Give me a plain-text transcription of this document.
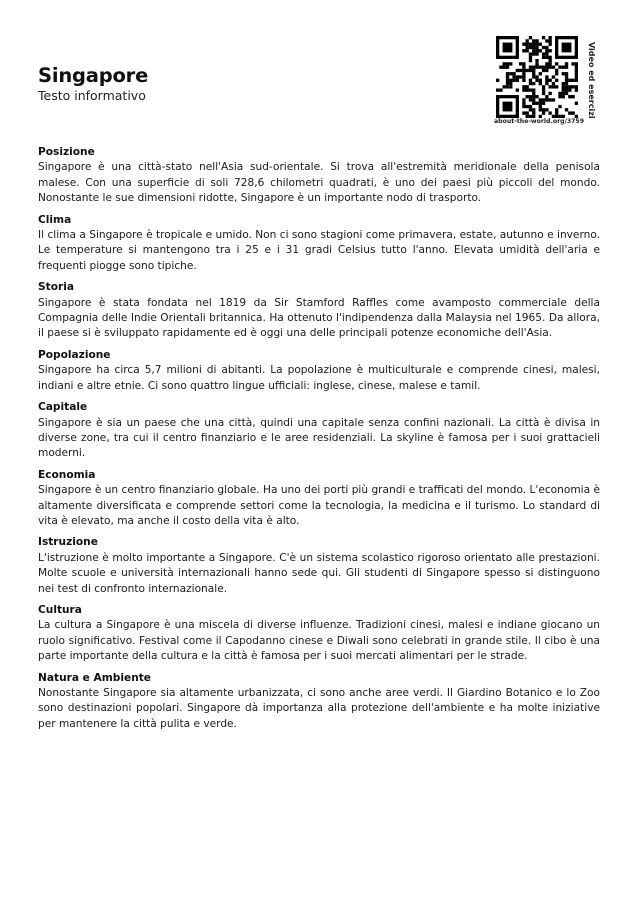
Singapore
Testo informativo
about-the-world.org/3759
Video ed esercizi
Posizione

Singapore è una città-stato nell'Asia sud-orientale. Si trova all'estremità meridionale della penisola malese. Con una superficie di soli 728,6 chilometri quadrati, è uno dei paesi più piccoli del mondo. Nonostante le sue dimensioni ridotte, Singapore è un importante nodo di trasporto.

Clima

Il clima a Singapore è tropicale e umido. Non ci sono stagioni come primavera, estate, autunno e inverno. Le temperature si mantengono tra i 25 e i 31 gradi Celsius tutto l'anno. Elevata umidità dell'aria e frequenti piogge sono tipiche.

Storia

Singapore è stata fondata nel 1819 da Sir Stamford Raffles come avamposto commerciale della Compagnia delle Indie Orientali britannica. Ha ottenuto l'indipendenza dalla Malaysia nel 1965. Da allora, il paese si è sviluppato rapidamente ed è oggi una delle principali potenze economiche dell'Asia.

Popolazione

Singapore ha circa 5,7 milioni di abitanti. La popolazione è multiculturale e comprende cinesi, malesi, indiani e altre etnie. Ci sono quattro lingue ufficiali: inglese, cinese, malese e tamil.

Capitale

Singapore è sia un paese che una città, quindi una capitale senza confini nazionali. La città è divisa in diverse zone, tra cui il centro finanziario e le aree residenziali. La skyline è famosa per i suoi grattacieli moderni.

Economia

Singapore è un centro finanziario globale. Ha uno dei porti più grandi e trafficati del mondo. L'economia è altamente diversificata e comprende settori come la tecnologia, la medicina e il turismo. Lo standard di vita è elevato, ma anche il costo della vita è alto.

Istruzione

L'istruzione è molto importante a Singapore. C'è un sistema scolastico rigoroso orientato alle prestazioni. Molte scuole e università internazionali hanno sede qui. Gli studenti di Singapore spesso si distinguono nei test di confronto internazionale.

Cultura

La cultura a Singapore è una miscela di diverse influenze. Tradizioni cinesi, malesi e indiane giocano un ruolo significativo. Festival come il Capodanno cinese e Diwali sono celebrati in grande stile. Il cibo è una parte importante della cultura e la città è famosa per i suoi mercati alimentari per le strade.

Natura e Ambiente

Nonostante Singapore sia altamente urbanizzata, ci sono anche aree verdi. Il Giardino Botanico e lo Zoo sono destinazioni popolari. Singapore dà importanza alla protezione dell'ambiente e ha molte iniziative per mantenere la città pulita e verde.
